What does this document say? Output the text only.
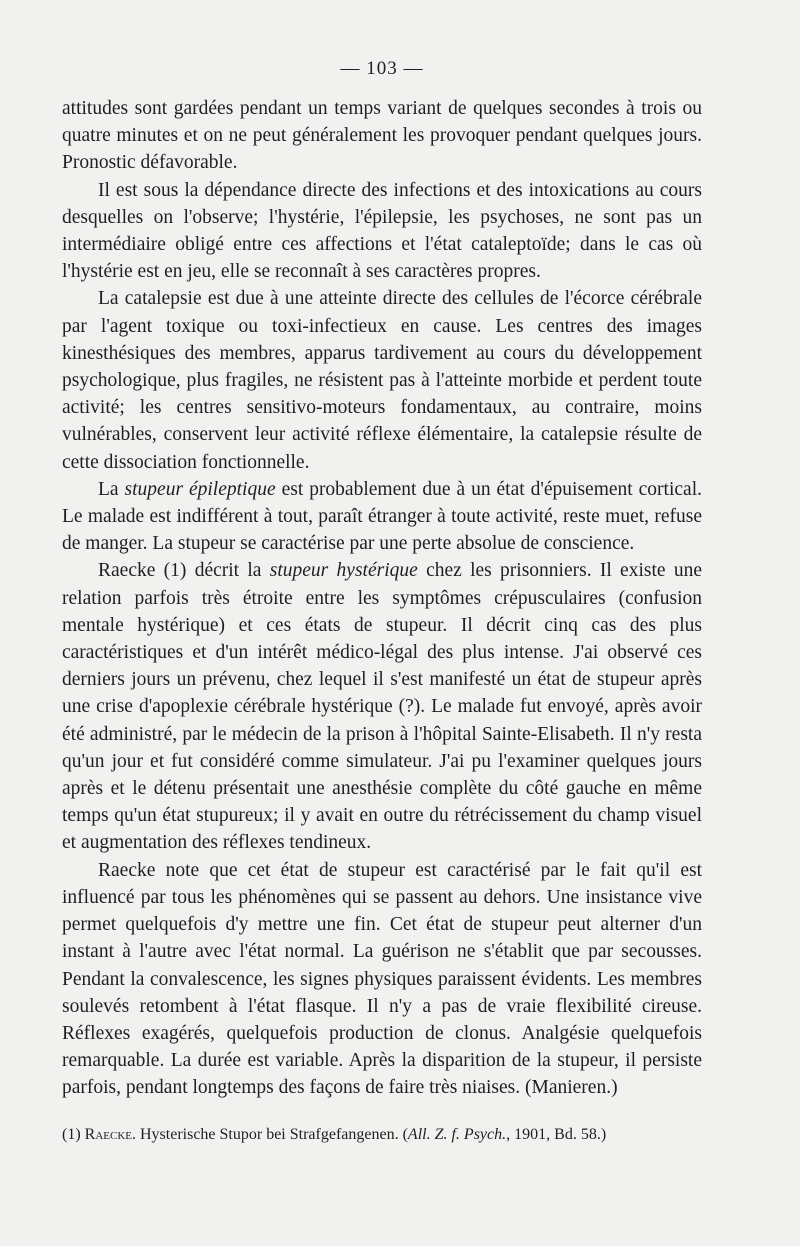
— 103 —

attitudes sont gardées pendant un temps variant de quelques secondes à trois ou quatre minutes et on ne peut généralement les provoquer pendant quelques jours. Pronostic défavorable.

Il est sous la dépendance directe des infections et des intoxications au cours desquelles on l'observe; l'hystérie, l'épilepsie, les psychoses, ne sont pas un intermédiaire obligé entre ces affections et l'état cataleptoïde; dans le cas où l'hystérie est en jeu, elle se reconnaît à ses caractères propres.

La catalepsie est due à une atteinte directe des cellules de l'écorce cérébrale par l'agent toxique ou toxi-infectieux en cause. Les centres des images kinesthésiques des membres, apparus tardivement au cours du développement psychologique, plus fragiles, ne résistent pas à l'atteinte morbide et perdent toute activité; les centres sensitivo-moteurs fondamentaux, au contraire, moins vulnérables, conservent leur activité réflexe élémentaire, la catalepsie résulte de cette dissociation fonctionnelle.

La stupeur épileptique est probablement due à un état d'épuisement cortical. Le malade est indifférent à tout, paraît étranger à toute activité, reste muet, refuse de manger. La stupeur se caractérise par une perte absolue de conscience.

Raecke (1) décrit la stupeur hystérique chez les prisonniers. Il existe une relation parfois très étroite entre les symptômes crépusculaires (confusion mentale hystérique) et ces états de stupeur. Il décrit cinq cas des plus caractéristiques et d'un intérêt médico-légal des plus intense. J'ai observé ces derniers jours un prévenu, chez lequel il s'est manifesté un état de stupeur après une crise d'apoplexie cérébrale hystérique (?). Le malade fut envoyé, après avoir été administré, par le médecin de la prison à l'hôpital Sainte-Elisabeth. Il n'y resta qu'un jour et fut considéré comme simulateur. J'ai pu l'examiner quelques jours après et le détenu présentait une anesthésie complète du côté gauche en même temps qu'un état stupureux; il y avait en outre du rétrécissement du champ visuel et augmentation des réflexes tendineux.

Raecke note que cet état de stupeur est caractérisé par le fait qu'il est influencé par tous les phénomènes qui se passent au dehors. Une insistance vive permet quelquefois d'y mettre une fin. Cet état de stupeur peut alterner d'un instant à l'autre avec l'état normal. La guérison ne s'établit que par secousses. Pendant la convalescence, les signes physiques paraissent évidents. Les membres soulevés retombent à l'état flasque. Il n'y a pas de vraie flexibilité cireuse. Réflexes exagérés, quelquefois production de clonus. Analgésie quelquefois remarquable. La durée est variable. Après la disparition de la stupeur, il persiste parfois, pendant longtemps des façons de faire très niaises. (Manieren.)

(1) Raecke. Hysterische Stupor bei Strafgefangenen. (All. Z. f. Psych., 1901, Bd. 58.)
